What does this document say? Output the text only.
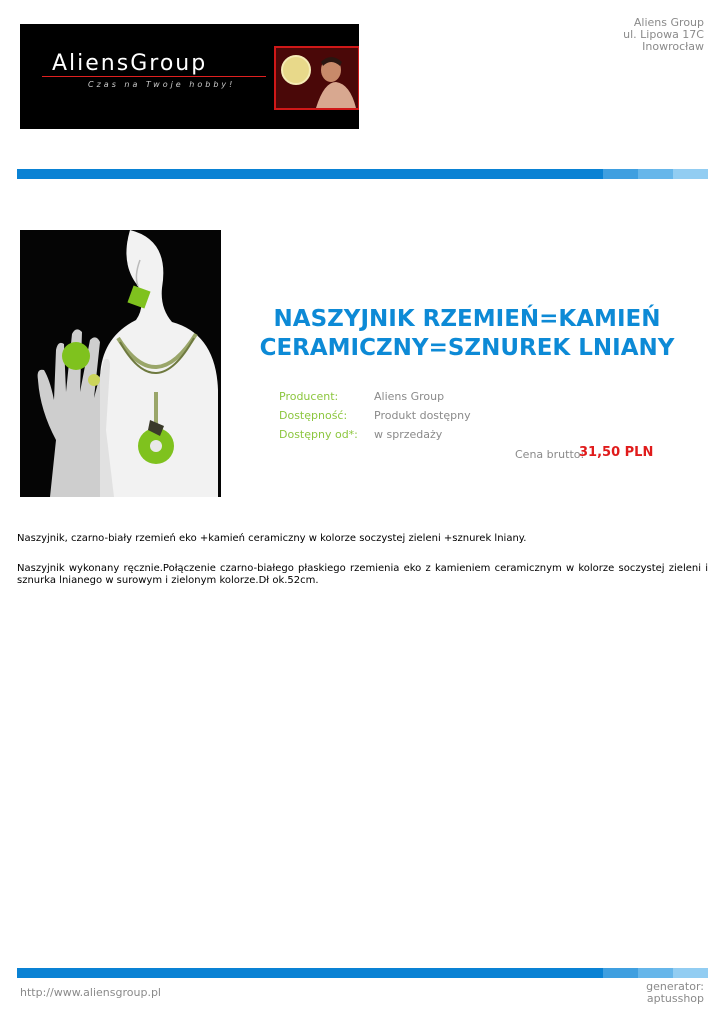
AliensGroup
Czas na Twoje hobby!
Aliens Group
ul. Lipowa 17C
Inowrocław
NASZYJNIK RZEMIEŃ=KAMIEŃ
CERAMICZNY=SZNUREK LNIANY
Producent:	Aliens Group
Dostępność: Produkt dostępny
Dostępny od*: w sprzedaży
Cena brutto:
31,50 PLN
Naszyjnik, czarno-biały rzemień eko +kamień ceramiczny w kolorze soczystej zieleni +sznurek lniany.
Naszyjnik wykonany ręcznie.Połączenie czarno-białego płaskiego rzemienia eko z kamieniem ceramicznym w kolorze soczystej zieleni i sznurka lnianego w surowym i zielonym kolorze.Dł ok.52cm.
http://www.aliensgroup.pl	generator:
aptusshop
